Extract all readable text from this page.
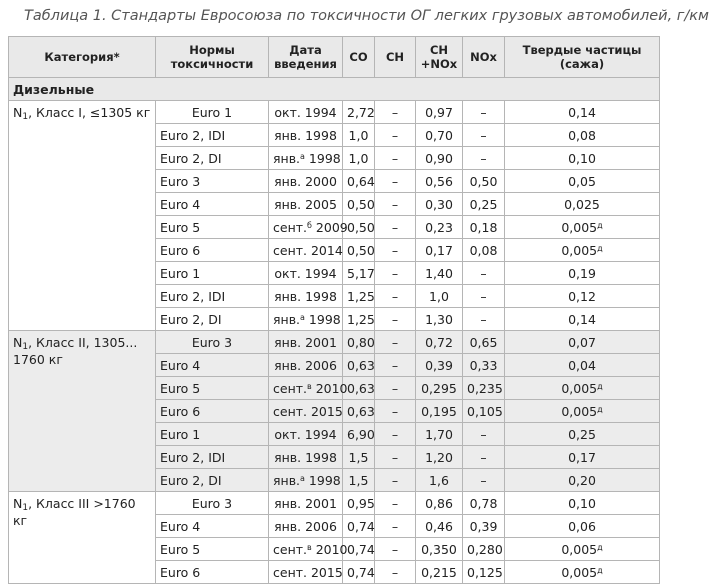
Таблица 1. Стандарты Евросоюза по токсичности ОГ легких грузовых автомобилей, г/км
Категория*	Нормы токсичности	Дата введения	CO	CH	CH +NOx	NOx	Твердые частицы (сажа)
Дизельные							
$N_1$, Класс I, ≤1305 кг	Euro 1	окт. 1994	2,72	–	0,97	–	0,14
	Euro 2, IDI	янв. 1998	1,0	–	0,70	–	0,08
	Euro 2, DI	янв.$^а$ 1998	1,0	–	0,90	–	0,10
	Euro 3	янв. 2000	0,64	–	0,56	0,50	0,05
	Euro 4	янв. 2005	0,50	–	0,30	0,25	0,025
	Euro 5	сент.$^б$ 2009	0,50	–	0,23	0,18	$0,005^д$
	Euro 6	сент. 2014	0,50	–	0,17	0,08	$0,005^д$
	Euro 1	окт. 1994	5,17	–	1,40	–	0,19
	Euro 2, IDI	янв. 1998	1,25	–	1,0	–	0,12
	Euro 2, DI	янв.$^а$ 1998	1,25	–	1,30	–	0,14
$N_1$, Класс II, 1305... 1760 кг	Euro 3	янв. 2001	0,80	–	0,72	0,65	0,07
	Euro 4	янв. 2006	0,63	–	0,39	0,33	0,04
	Euro 5	сент.$^в$ 2010	0,63	–	0,295	0,235	$0,005^д$
	Euro 6	сент. 2015	0,63	–	0,195	0,105	$0,005^д$
	Euro 1	окт. 1994	6,90	–	1,70	–	0,25
	Euro 2, IDI	янв. 1998	1,5	–	1,20	–	0,17
	Euro 2, DI	янв.$^а$ 1998	1,5	–	1,6	–	0,20
$N_1$, Класс III >1760 кг	Euro 3	янв. 2001	0,95	–	0,86	0,78	0,10
	Euro 4	янв. 2006	0,74	–	0,46	0,39	0,06
	Euro 5	сент.$^в$ 2010	0,74	–	0,350	0,280	$0,005^д$
	Euro 6	сент. 2015	0,74	–	0,215	0,125	$0,005^д$
